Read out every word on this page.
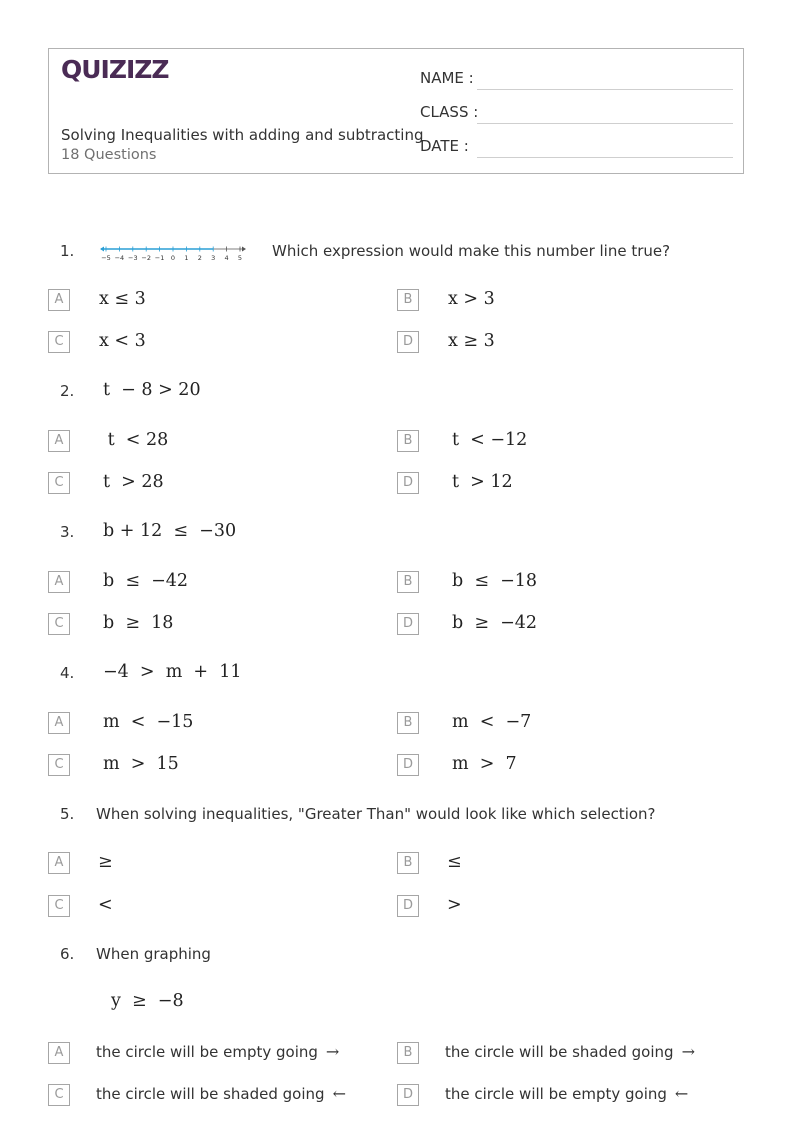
QUIZIZZ
Solving Inequalities with adding and subtracting
18 Questions
NAME :
CLASS :
DATE :
1.	−5 −4 −3 −2 −1 0 1 2 3 4 5 Which expression would make this number line true?
A	x ≤ 3	B	x > 3
C	x < 3	D	x ≥ 3
2. t  − 8 > 20
A	t  < 28	B	t  < −12
C	t  > 28	D	t  > 12
3. b + 12  ≤  −30
A	b  ≤  −42	B	b  ≤  −18
C	b  ≥  18	D	b  ≥  −42
4. −4  >  m  +  11
A	m  <  −15	B	m  <  −7
C	m  >  15	D	m  >  7
5. When solving inequalities, "Greater Than" would look like which selection?
A	≥	B	≤
C	<	D	>
6. When graphing
y  ≥  −8
A	the circle will be empty going →	B	the circle will be shaded going →
C	the circle will be shaded going ←	D	the circle will be empty going ←
